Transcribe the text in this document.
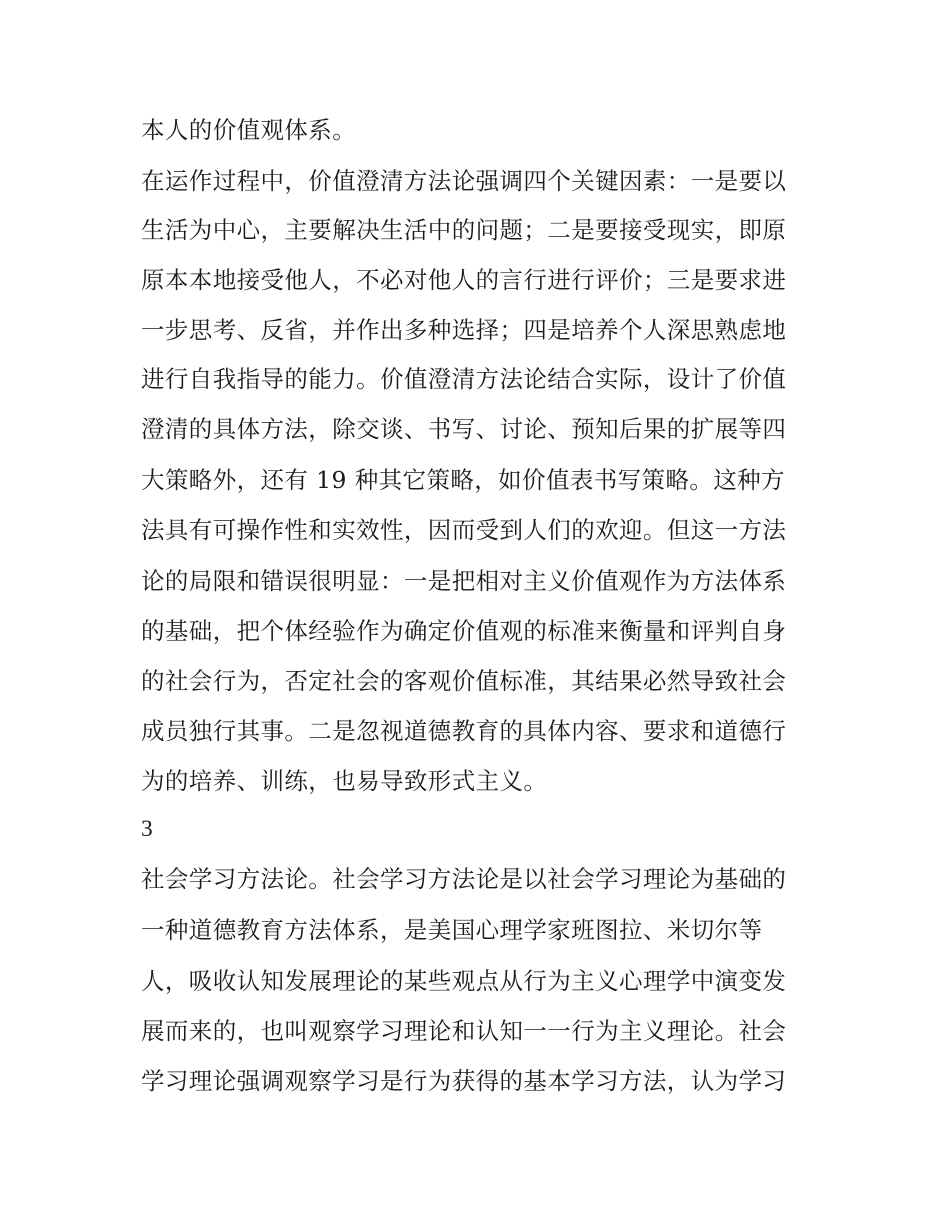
本人的价值观体系。
在运作过程中，价值澄清方法论强调四个关键因素：一是要以
生活为中心，主要解决生活中的问题；二是要接受现实，即原
原本本地接受他人，不必对他人的言行进行评价；三是要求进
一步思考、反省，并作出多种选择；四是培养个人深思熟虑地
进行自我指导的能力。价值澄清方法论结合实际，设计了价值
澄清的具体方法，除交谈、书写、讨论、预知后果的扩展等四
大策略外，还有 19 种其它策略，如价值表书写策略。这种方
法具有可操作性和实效性，因而受到人们的欢迎。但这一方法
论的局限和错误很明显：一是把相对主义价值观作为方法体系
的基础，把个体经验作为确定价值观的标准来衡量和评判自身
的社会行为，否定社会的客观价值标准，其结果必然导致社会
成员独行其事。二是忽视道德教育的具体内容、要求和道德行
为的培养、训练，也易导致形式主义。
3
社会学习方法论。社会学习方法论是以社会学习理论为基础的
一种道德教育方法体系，是美国心理学家班图拉、米切尔等
人，吸收认知发展理论的某些观点从行为主义心理学中演变发
展而来的，也叫观察学习理论和认知一一行为主义理论。社会
学习理论强调观察学习是行为获得的基本学习方法，认为学习
